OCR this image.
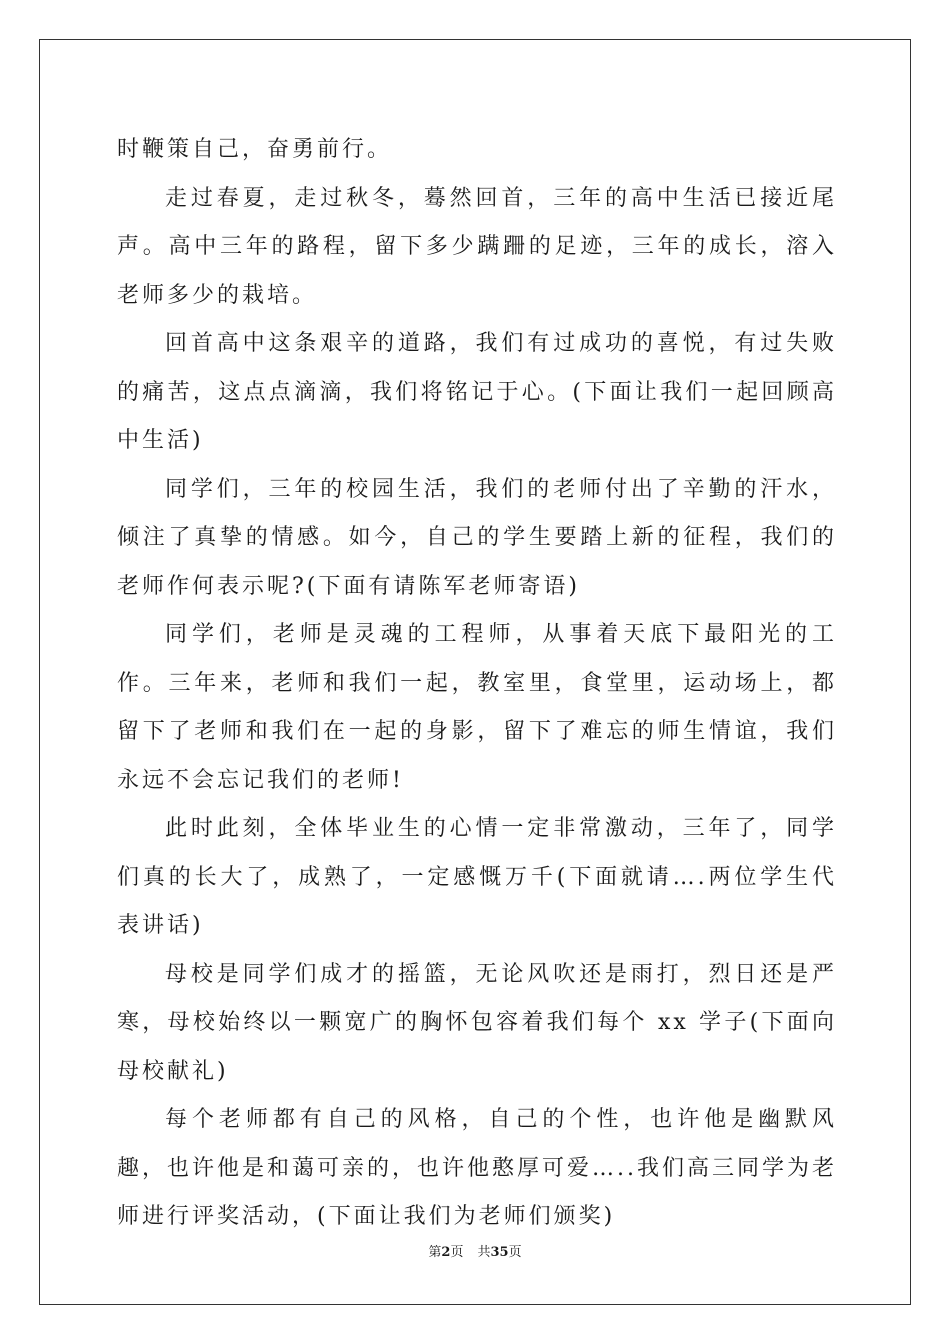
时鞭策自己，奋勇前行。

走过春夏，走过秋冬，蓦然回首，三年的高中生活已接近尾声。高中三年的路程，留下多少蹒跚的足迹，三年的成长，溶入老师多少的栽培。

回首高中这条艰辛的道路，我们有过成功的喜悦，有过失败的痛苦，这点点滴滴，我们将铭记于心。(下面让我们一起回顾高中生活)

同学们，三年的校园生活，我们的老师付出了辛勤的汗水，倾注了真挚的情感。如今，自己的学生要踏上新的征程，我们的老师作何表示呢?(下面有请陈军老师寄语)

同学们，老师是灵魂的工程师，从事着天底下最阳光的工作。三年来，老师和我们一起，教室里，食堂里，运动场上，都留下了老师和我们在一起的身影，留下了难忘的师生情谊，我们永远不会忘记我们的老师!

此时此刻，全体毕业生的心情一定非常激动，三年了，同学们真的长大了，成熟了，一定感慨万千(下面就请….两位学生代表讲话)

母校是同学们成才的摇篮，无论风吹还是雨打，烈日还是严寒，母校始终以一颗宽广的胸怀包容着我们每个 xx 学子(下面向母校献礼)

每个老师都有自己的风格，自己的个性，也许他是幽默风趣，也许他是和蔼可亲的，也许他憨厚可爱…..我们高三同学为老师进行评奖活动，(下面让我们为老师们颁奖)

第2页 共35页
